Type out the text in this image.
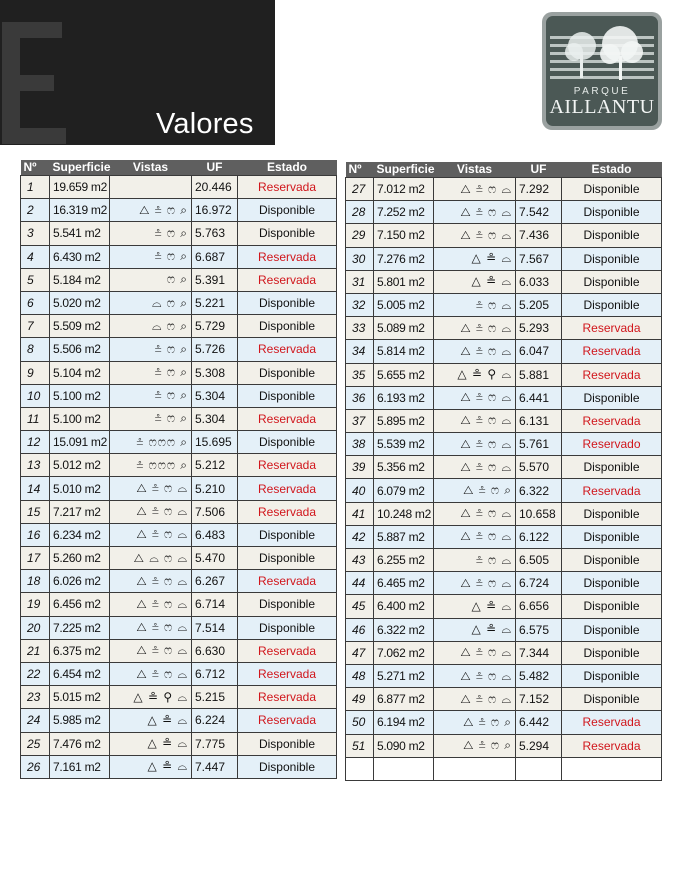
Valores
PARQUE
AILLANTU
Nº	Superficie	Vistas	UF	Estado
1	19.659 m2		20.446	Reservada
2	16.319 m2	△ ≗ ෆ ⌕	16.972	Disponible
3	5.541 m2	≗ ෆ ⌕	5.763	Disponible
4	6.430 m2	≗ ෆ ⌕	6.687	Reservada
5	5.184 m2	ෆ ⌕	5.391	Reservada
6	5.020 m2	⌓ ෆ ⌕	5.221	Disponible
7	5.509 m2	⌓ ෆ ⌕	5.729	Disponible
8	5.506 m2	≗ ෆ ⌕	5.726	Reservada
9	5.104 m2	≗ ෆ ⌕	5.308	Disponible
10	5.100 m2	≗ ෆ ⌕	5.304	Disponible
11	5.100 m2	≗ ෆ ⌕	5.304	Reservada
12	15.091 m2	≗ ෆෆෆ ⌕	15.695	Disponible
13	5.012 m2	≗ ෆෆෆ ⌕	5.212	Reservada
14	5.010 m2	△ ≗ ෆ ⌓	5.210	Reservada
15	7.217 m2	△ ≗ ෆ ⌓	7.506	Reservada
16	6.234 m2	△ ≗ ෆ ⌓	6.483	Disponible
17	5.260 m2	△ ⌓ ෆ ⌓	5.470	Disponible
18	6.026 m2	△ ≗ ෆ ⌓	6.267	Reservada
19	6.456 m2	△ ≗ ෆ ⌓	6.714	Disponible
20	7.225 m2	△ ≗ ෆ ⌓	7.514	Disponible
21	6.375 m2	△ ≗ ෆ ⌓	6.630	Reservada
22	6.454 m2	△ ≗ ෆ ⌓	6.712	Reservada
23	5.015 m2	△ ≗ ⚲ ⌓	5.215	Reservada
24	5.985 m2	△ ≗ ⌓	6.224	Reservada
25	7.476 m2	△ ≗ ⌓	7.775	Disponible
26	7.161 m2	△ ≗ ⌓	7.447	Disponible
Nº	Superficie	Vistas	UF	Estado
27	7.012 m2	△ ≗ ෆ ⌓	7.292	Disponible
28	7.252 m2	△ ≗ ෆ ⌓	7.542	Disponible
29	7.150 m2	△ ≗ ෆ ⌓	7.436	Disponible
30	7.276 m2	△ ≗ ⌓	7.567	Disponible
31	5.801 m2	△ ≗ ⌓	6.033	Disponible
32	5.005 m2	≗ ෆ ⌓	5.205	Disponible
33	5.089 m2	△ ≗ ෆ ⌓	5.293	Reservada
34	5.814 m2	△ ≗ ෆ ⌓	6.047	Reservada
35	5.655 m2	△ ≗ ⚲ ⌓	5.881	Reservada
36	6.193 m2	△ ≗ ෆ ⌓	6.441	Disponible
37	5.895 m2	△ ≗ ෆ ⌓	6.131	Reservada
38	5.539 m2	△ ≗ ෆ ⌓	5.761	Reservado
39	5.356 m2	△ ≗ ෆ ⌓	5.570	Disponible
40	6.079 m2	△ ≗ ෆ ⌕	6.322	Reservada
41	10.248 m2	△ ≗ ෆ ⌓	10.658	Disponible
42	5.887 m2	△ ≗ ෆ ⌓	6.122	Disponible
43	6.255 m2	≗ ෆ ⌓	6.505	Disponible
44	6.465 m2	△ ≗ ෆ ⌓	6.724	Disponible
45	6.400 m2	△ ≗ ⌓	6.656	Disponible
46	6.322 m2	△ ≗ ⌓	6.575	Disponible
47	7.062 m2	△ ≗ ෆ ⌓	7.344	Disponible
48	5.271 m2	△ ≗ ෆ ⌓	5.482	Disponible
49	6.877 m2	△ ≗ ෆ ⌓	7.152	Disponible
50	6.194 m2	△ ≗ ෆ ⌕	6.442	Reservada
51	5.090 m2	△ ≗ ෆ ⌕	5.294	Reservada
